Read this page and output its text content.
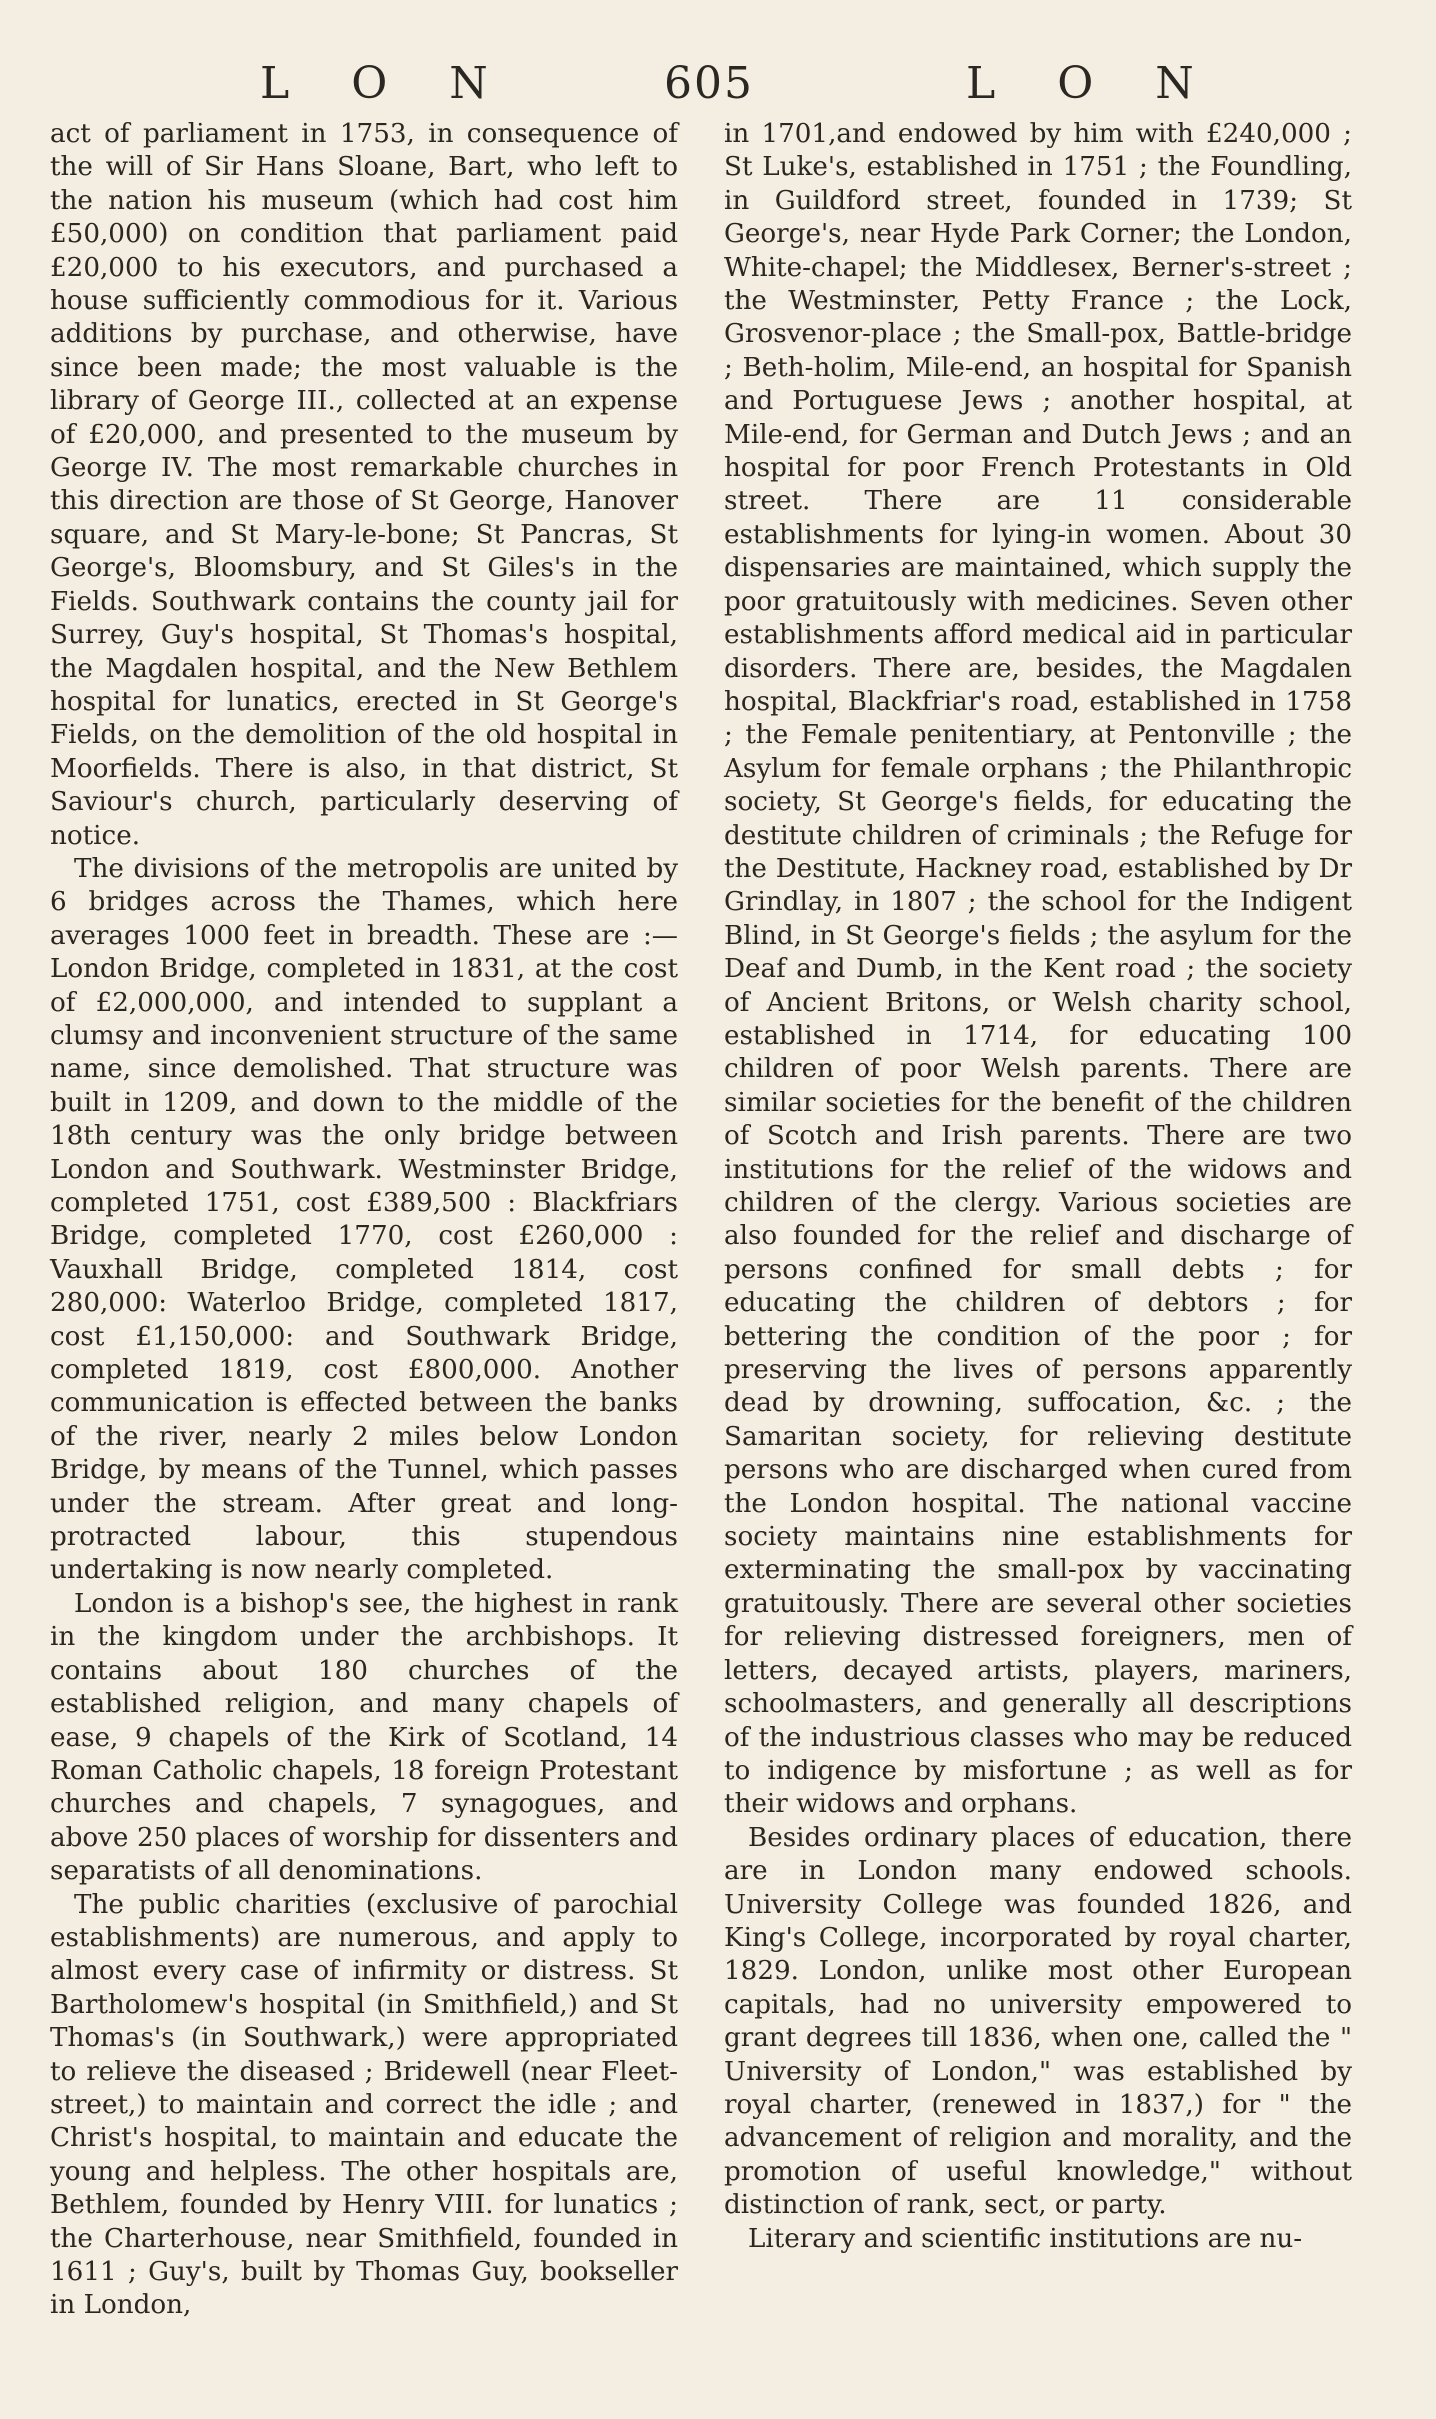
L O N	605	L O N

act of parliament in 1753, in consequence of the will of Sir Hans Sloane, Bart, who left to the nation his museum (which had cost him £50,000) on condition that parliament paid £20,000 to his executors, and purchased a house sufficiently commodious for it. Various additions by purchase, and otherwise, have since been made; the most valuable is the library of George III., collected at an expense of £20,000, and presented to the museum by George IV. The most remarkable churches in this direction are those of St George, Hanover square, and St Mary-le-bone; St Pancras, St George's, Bloomsbury, and St Giles's in the Fields. Southwark contains the county jail for Surrey, Guy's hospital, St Thomas's hospital, the Magdalen hospital, and the New Bethlem hospital for lunatics, erected in St George's Fields, on the demolition of the old hospital in Moorfields. There is also, in that district, St Saviour's church, particularly deserving of notice.

The divisions of the metropolis are united by 6 bridges across the Thames, which here averages 1000 feet in breadth. These are :— London Bridge, completed in 1831, at the cost of £2,000,000, and intended to supplant a clumsy and inconvenient structure of the same name, since demolished. That structure was built in 1209, and down to the middle of the 18th century was the only bridge between London and Southwark. Westminster Bridge, completed 1751, cost £389,500 : Blackfriars Bridge, completed 1770, cost £260,000 : Vauxhall Bridge, completed 1814, cost 280,000: Waterloo Bridge, completed 1817, cost £1,150,000: and Southwark Bridge, completed 1819, cost £800,000. Another communication is effected between the banks of the river, nearly 2 miles below London Bridge, by means of the Tunnel, which passes under the stream. After great and long-protracted labour, this stupendous undertaking is now nearly completed.

London is a bishop's see, the highest in rank in the kingdom under the archbishops. It contains about 180 churches of the established religion, and many chapels of ease, 9 chapels of the Kirk of Scotland, 14 Roman Catholic chapels, 18 foreign Protestant churches and chapels, 7 synagogues, and above 250 places of worship for dissenters and separatists of all denominations.

The public charities (exclusive of parochial establishments) are numerous, and apply to almost every case of infirmity or distress. St Bartholomew's hospital (in Smithfield,) and St Thomas's (in Southwark,) were appropriated to relieve the diseased ; Bridewell (near Fleet-street,) to maintain and correct the idle ; and Christ's hospital, to maintain and educate the young and helpless. The other hospitals are, Bethlem, founded by Henry VIII. for lunatics ; the Charterhouse, near Smithfield, founded in 1611 ; Guy's, built by Thomas Guy, bookseller in London,

in 1701,and endowed by him with £240,000 ; St Luke's, established in 1751 ; the Foundling, in Guildford street, founded in 1739; St George's, near Hyde Park Corner; the London, White-chapel; the Middlesex, Berner's-street ; the Westminster, Petty France ; the Lock, Grosvenor-place ; the Small-pox, Battle-bridge ; Beth-holim, Mile-end, an hospital for Spanish and Portuguese Jews ; another hospital, at Mile-end, for German and Dutch Jews ; and an hospital for poor French Protestants in Old street. There are 11 considerable establishments for lying-in women. About 30 dispensaries are maintained, which supply the poor gratuitously with medicines. Seven other establishments afford medical aid in particular disorders. There are, besides, the Magdalen hospital, Blackfriar's road, established in 1758 ; the Female penitentiary, at Pentonville ; the Asylum for female orphans ; the Philanthropic society, St George's fields, for educating the destitute children of criminals ; the Refuge for the Destitute, Hackney road, established by Dr Grindlay, in 1807 ; the school for the Indigent Blind, in St George's fields ; the asylum for the Deaf and Dumb, in the Kent road ; the society of Ancient Britons, or Welsh charity school, established in 1714, for educating 100 children of poor Welsh parents. There are similar societies for the benefit of the children of Scotch and Irish parents. There are two institutions for the relief of the widows and children of the clergy. Various societies are also founded for the relief and discharge of persons confined for small debts ; for educating the children of debtors ; for bettering the condition of the poor ; for preserving the lives of persons apparently dead by drowning, suffocation, &c. ; the Samaritan society, for relieving destitute persons who are discharged when cured from the London hospital. The national vaccine society maintains nine establishments for exterminating the small-pox by vaccinating gratuitously. There are several other societies for relieving distressed foreigners, men of letters, decayed artists, players, mariners, schoolmasters, and generally all descriptions of the industrious classes who may be reduced to indigence by misfortune ; as well as for their widows and orphans.

Besides ordinary places of education, there are in London many endowed schools. University College was founded 1826, and King's College, incorporated by royal charter, 1829. London, unlike most other European capitals, had no university empowered to grant degrees till 1836, when one, called the " University of London," was established by royal charter, (renewed in 1837,) for " the advancement of religion and morality, and the promotion of useful knowledge," without distinction of rank, sect, or party.

Literary and scientific institutions are nu-
